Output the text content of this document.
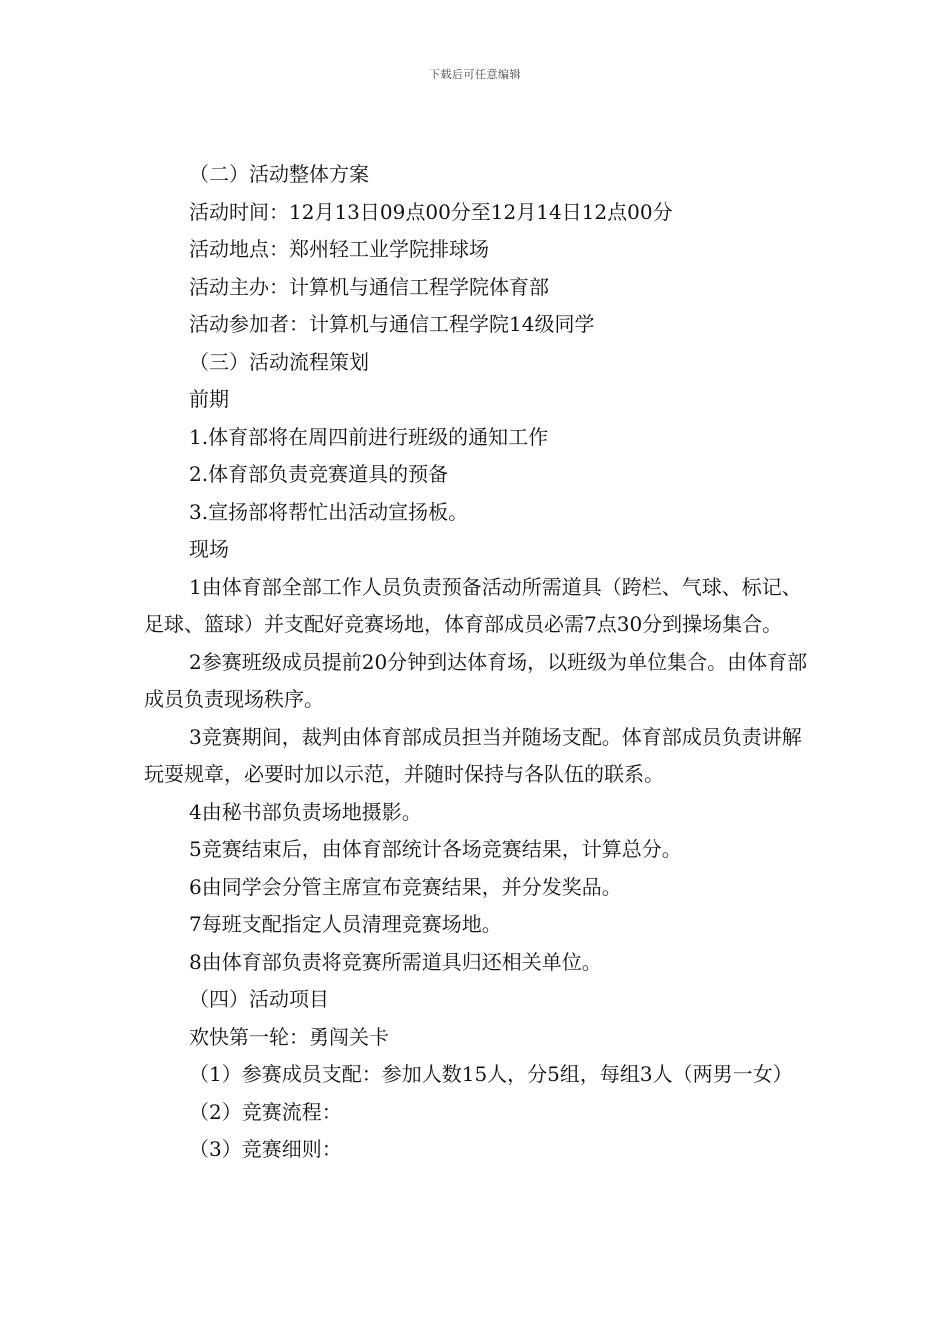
下载后可任意编辑

（二）活动整体方案

活动时间：12月13日09点00分至12月14日12点00分

活动地点：郑州轻工业学院排球场

活动主办：计算机与通信工程学院体育部

活动参加者：计算机与通信工程学院14级同学

（三）活动流程策划

前期

1.体育部将在周四前进行班级的通知工作

2.体育部负责竞赛道具的预备

3.宣扬部将帮忙出活动宣扬板。

现场

1由体育部全部工作人员负责预备活动所需道具（跨栏、气球、标记、足球、篮球）并支配好竞赛场地，体育部成员必需7点30分到操场集合。

2参赛班级成员提前20分钟到达体育场，以班级为单位集合。由体育部成员负责现场秩序。

3竞赛期间，裁判由体育部成员担当并随场支配。体育部成员负责讲解玩耍规章，必要时加以示范，并随时保持与各队伍的联系。

4由秘书部负责场地摄影。

5竞赛结束后，由体育部统计各场竞赛结果，计算总分。

6由同学会分管主席宣布竞赛结果，并分发奖品。

7每班支配指定人员清理竞赛场地。

8由体育部负责将竞赛所需道具归还相关单位。

（四）活动项目

欢快第一轮：勇闯关卡

（1）参赛成员支配：参加人数15人，分5组，每组3人（两男一女）

（2）竞赛流程：

（3）竞赛细则：
